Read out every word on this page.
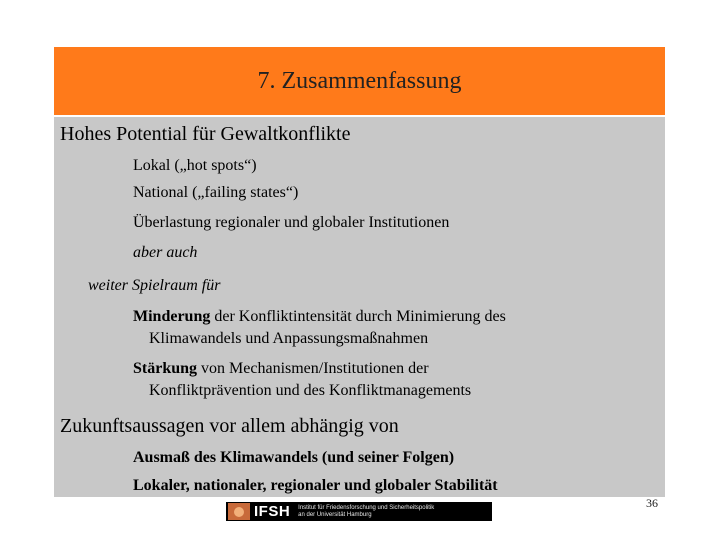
7. Zusammenfassung
Hohes Potential für Gewaltkonflikte
Lokal („hot spots“)
National („failing states“)
Überlastung regionaler und globaler Institutionen
aber auch
weiter Spielraum für
Minderung der Konfliktintensität durch Minimierung des
Klimawandels und Anpassungsmaßnahmen
Stärkung von Mechanismen/Institutionen der
Konfliktprävention und des Konfliktmanagements
Zukunftsaussagen vor allem abhängig von
Ausmaß des Klimawandels (und seiner Folgen)
Lokaler, nationaler, regionaler und globaler Stabilität
36
IFSH Institut für Friedensforschung und Sicherheitspolitik
an der Universität Hamburg
